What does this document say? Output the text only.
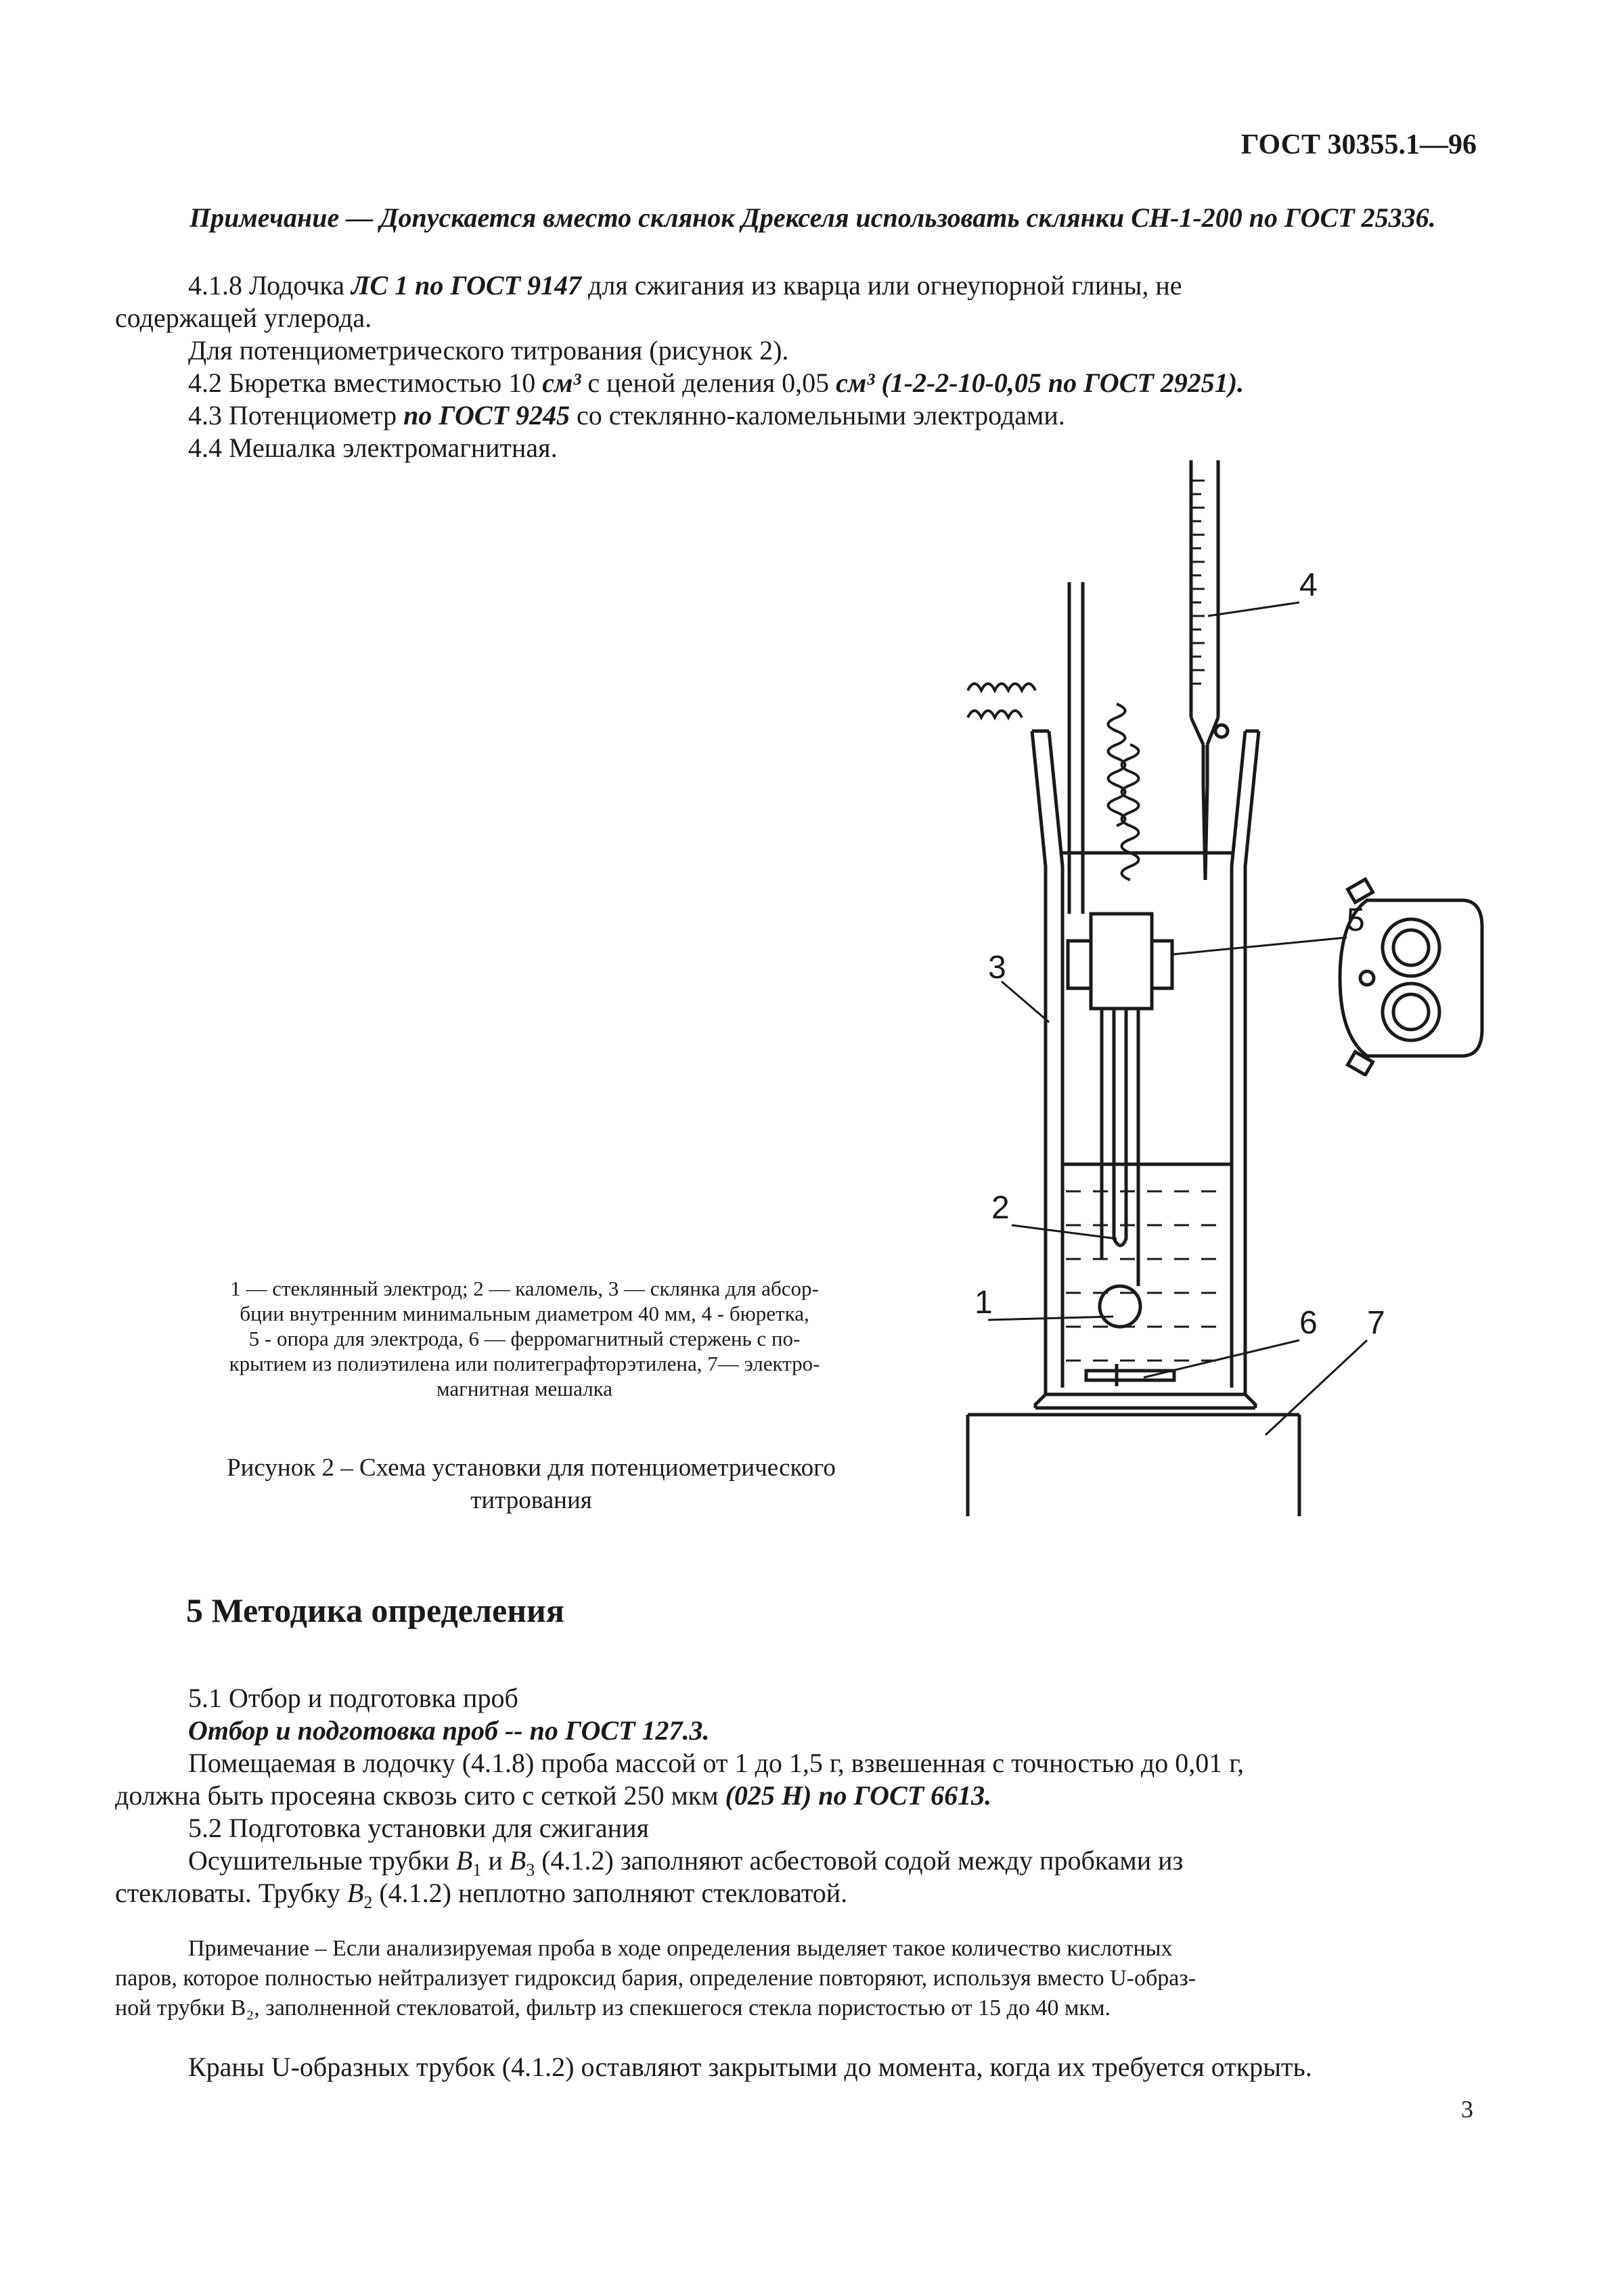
ГОСТ 30355.1—96
Примечание — Допускается вместо склянок Дрекселя использовать склянки СН-1-200 по ГОСТ 25336.
4.1.8 Лодочка ЛС 1 по ГОСТ 9147 для сжигания из кварца или огнеупорной глины, не
содержащей углерода.
Для потенциометрического титрования (рисунок 2).
4.2 Бюретка вместимостью 10 см³ с ценой деления 0,05 см³ (1-2-2-10-0,05 по ГОСТ 29251).
4.3 Потенциометр по ГОСТ 9245 со стеклянно-каломельными электродами.
4.4 Мешалка электромагнитная.
4
5
3
2
1
6 7
1 — стеклянный электрод; 2 — каломель, 3 — склянка для абсор-
бции внутренним минимальным диаметром 40 мм, 4 - бюретка,
5 - опора для электрода, 6 — ферромагнитный стержень с по-
крытием из полиэтилена или политеграфторэтилена, 7— электро-
магнитная мешалка
Рисунок 2 – Схема установки для потенциометрического
титрования
5 Методика определения
5.1 Отбор и подготовка проб
Отбор и подготовка проб -- по ГОСТ 127.3.
Помещаемая в лодочку (4.1.8) проба массой от 1 до 1,5 г, взвешенная с точностью до 0,01 г,
должна быть просеяна сквозь сито с сеткой 250 мкм (025 Н) по ГОСТ 6613.
5.2 Подготовка установки для сжигания
Осушительные трубки $B_1$ и $B_3$ (4.1.2) заполняют асбестовой содой между пробками из
стекловаты. Трубку $B_2$ (4.1.2) неплотно заполняют стекловатой.
Примечание – Если анализируемая проба в ходе определения выделяет такое количество кислотных
паров, которое полностью нейтрализует гидроксид бария, определение повторяют, используя вместо U-образ-
ной трубки B₂, заполненной стекловатой, фильтр из спекшегося стекла пористостью от 15 до 40 мкм.
Краны U-образных трубок (4.1.2) оставляют закрытыми до момента, когда их требуется открыть.
3
